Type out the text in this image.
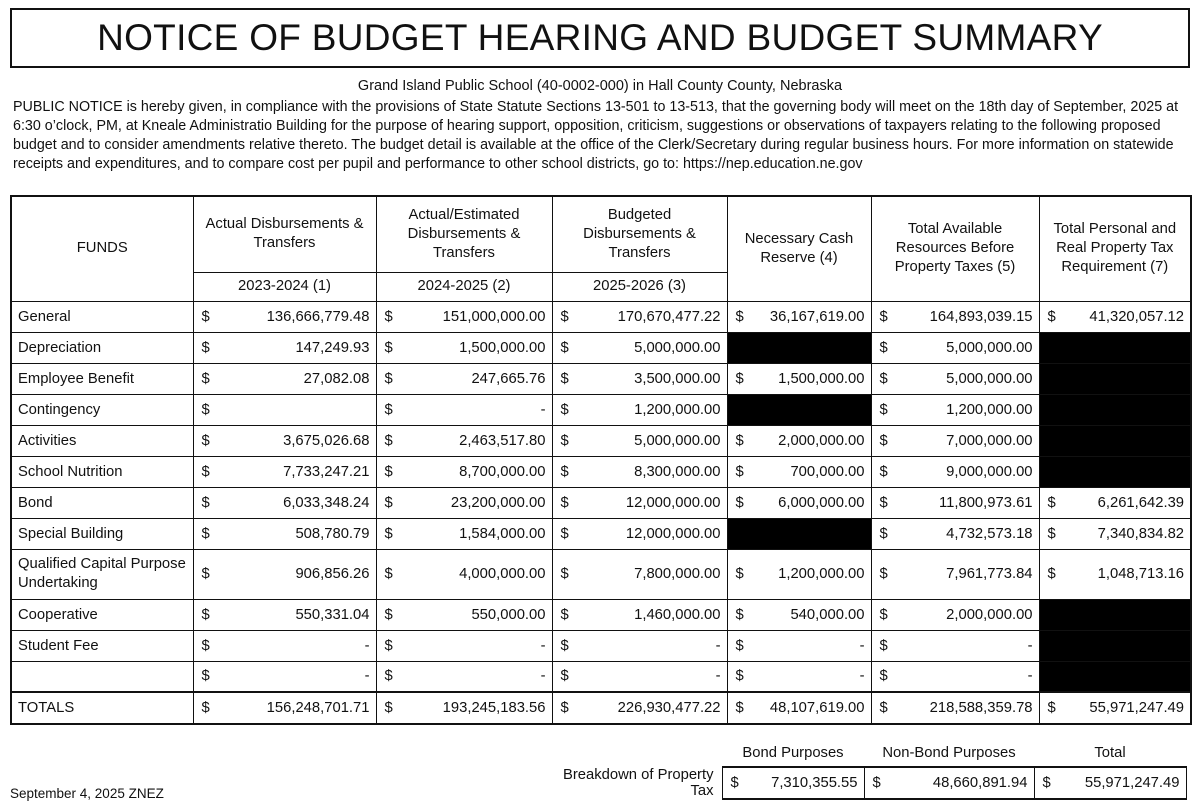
NOTICE OF BUDGET HEARING AND BUDGET SUMMARY
Grand Island Public School (40-0002-000) in Hall County County, Nebraska
PUBLIC NOTICE is hereby given, in compliance with the provisions of State Statute Sections 13-501 to 13-513, that the governing body will meet on the 18th day of September, 2025 at 6:30 o’clock, PM, at Kneale Administratio Building for the purpose of hearing support, opposition, criticism, suggestions or observations of taxpayers relating to the following proposed budget and to consider amendments relative thereto. The budget detail is available at the office of the Clerk/Secretary during regular business hours. For more information on statewide receipts and expenditures, and to compare cost per pupil and performance to other school districts, go to: https://nep.education.ne.gov
FUNDS	Actual Disbursements & Transfers		Actual/Estimated Disbursements & Transfers		Budgeted Disbursements & Transfers		Necessary Cash Reserve (4)		Total Available Resources Before Property Taxes (5)		Total Personal and Real Property Tax Requirement (7)	
	2023-2024 (1)		2024-2025 (2)		2025-2026 (3)							
General	$	136,666,779.48	$	151,000,000.00	$	170,670,477.22	$	36,167,619.00	$	164,893,039.15	$	41,320,057.12
Depreciation	$	147,249.93	$	1,500,000.00	$	5,000,000.00			$	5,000,000.00		
Employee Benefit	$	27,082.08	$	247,665.76	$	3,500,000.00	$	1,500,000.00	$	5,000,000.00		
Contingency	$		$	-	$	1,200,000.00			$	1,200,000.00		
Activities	$	3,675,026.68	$	2,463,517.80	$	5,000,000.00	$	2,000,000.00	$	7,000,000.00		
School Nutrition	$	7,733,247.21	$	8,700,000.00	$	8,300,000.00	$	700,000.00	$	9,000,000.00		
Bond	$	6,033,348.24	$	23,200,000.00	$	12,000,000.00	$	6,000,000.00	$	11,800,973.61	$	6,261,642.39
Special Building	$	508,780.79	$	1,584,000.00	$	12,000,000.00			$	4,732,573.18	$	7,340,834.82
Qualified Capital Purpose Undertaking	$	906,856.26	$	4,000,000.00	$	7,800,000.00	$	1,200,000.00	$	7,961,773.84	$	1,048,713.16
Cooperative	$	550,331.04	$	550,000.00	$	1,460,000.00	$	540,000.00	$	2,000,000.00		
Student Fee	$	-	$	-	$	-	$	-	$	-		
	$	-	$	-	$	-	$	-	$	-		
TOTALS	$	156,248,701.71	$	193,245,183.56	$	226,930,477.22	$	48,107,619.00	$	218,588,359.78	$	55,971,247.49
September 4, 2025 ZNEZ
	Bond Purposes		Non-Bond Purposes		Total	
Breakdown of Property Tax	$	7,310,355.55	$	48,660,891.94	$	55,971,247.49
